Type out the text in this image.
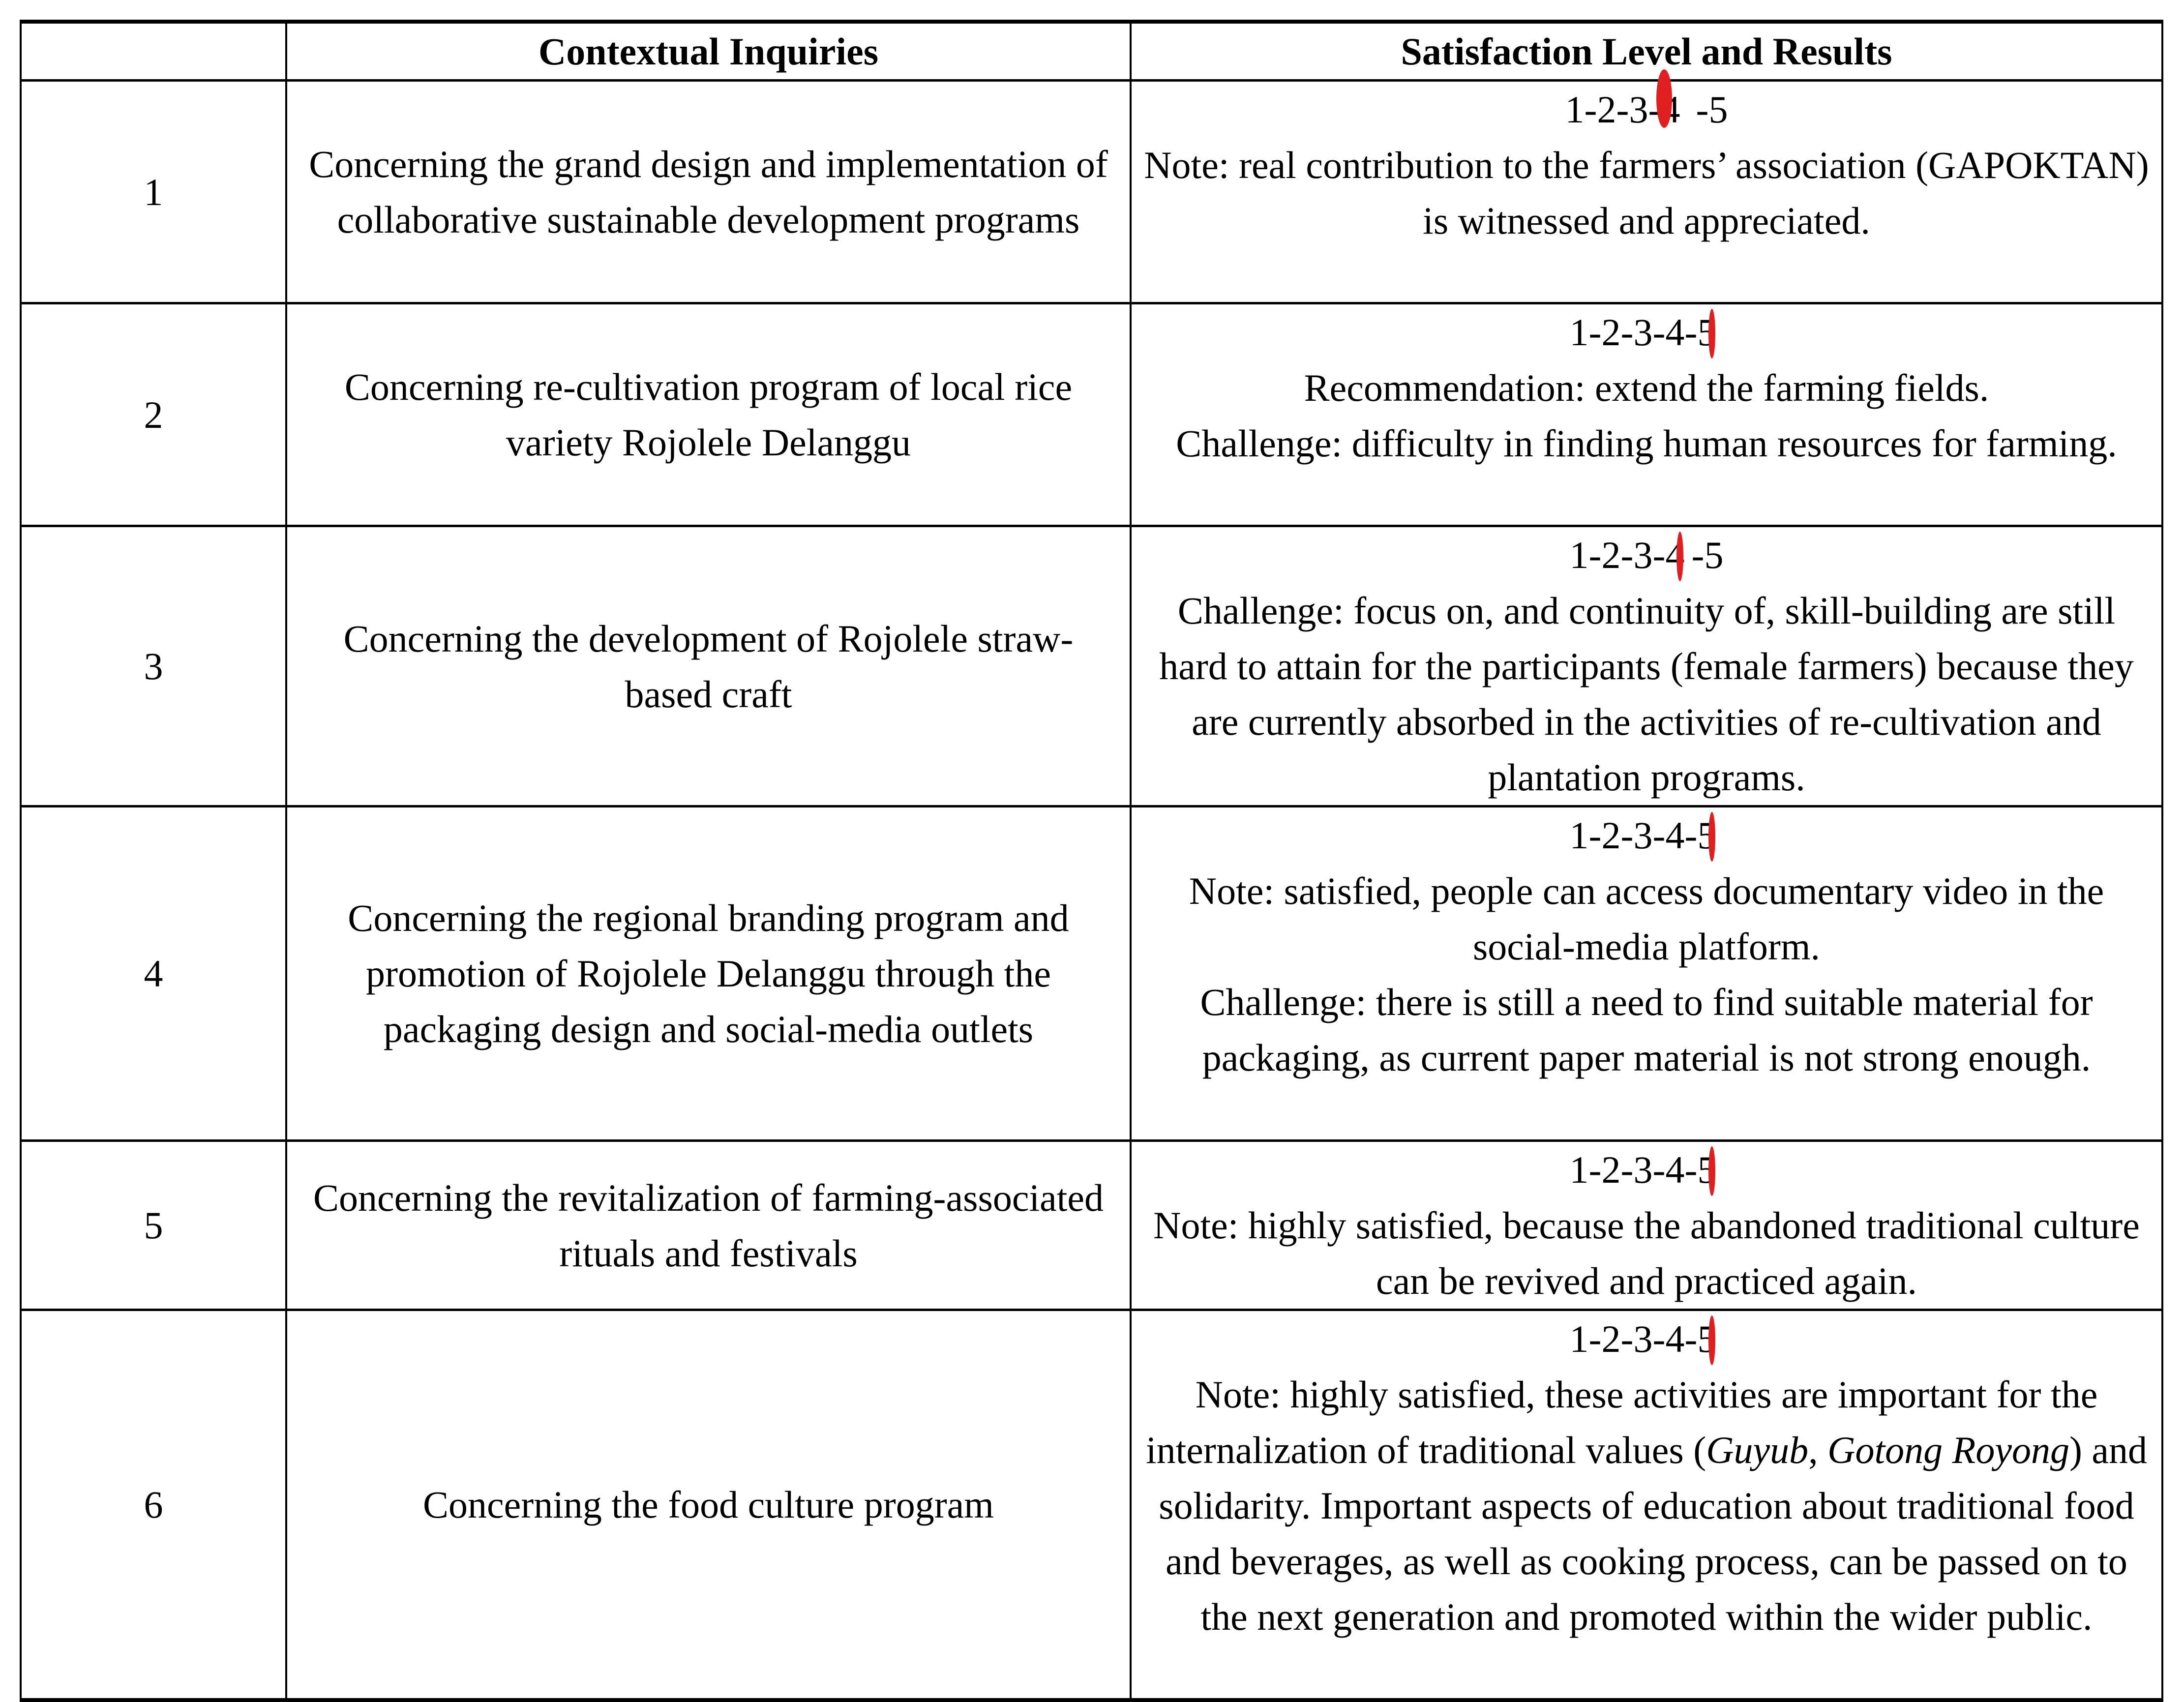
	Contextual Inquiries	Satisfaction Level and Results
1	Concerning the grand design and implementation of collaborative sustainable development programs	1-2-3-4 -5
Note: real contribution to the farmers’ association (GAPOKTAN) is witnessed and appreciated.

2	Concerning re-cultivation program of local rice variety Rojolele Delanggu	1-2-3-4-5
Recommendation: extend the farming fields.
Challenge: difficulty in finding human resources for farming.

3	Concerning the development of Rojolele straw-based craft	1-2-3-4 -5
Challenge: focus on, and continuity of, skill-building are still hard to attain for the participants (female farmers) because they are currently absorbed in the activities of re-cultivation and plantation programs.

4	Concerning the regional branding program and promotion of Rojolele Delanggu through the packaging design and social-media outlets	1-2-3-4-5
Note: satisfied, people can access documentary video in the social-media platform.
Challenge: there is still a need to find suitable material for packaging, as current paper material is not strong enough.

5	Concerning the revitalization of farming-associated rituals and festivals	1-2-3-4-5
Note: highly satisfied, because the abandoned traditional culture can be revived and practiced again.

6	Concerning the food culture program	1-2-3-4-5
Note: highly satisfied, these activities are important for the internalization of traditional values (Guyub, Gotong Royong) and solidarity. Important aspects of education about traditional food and beverages, as well as cooking process, can be passed on to the next generation and promoted within the wider public.
